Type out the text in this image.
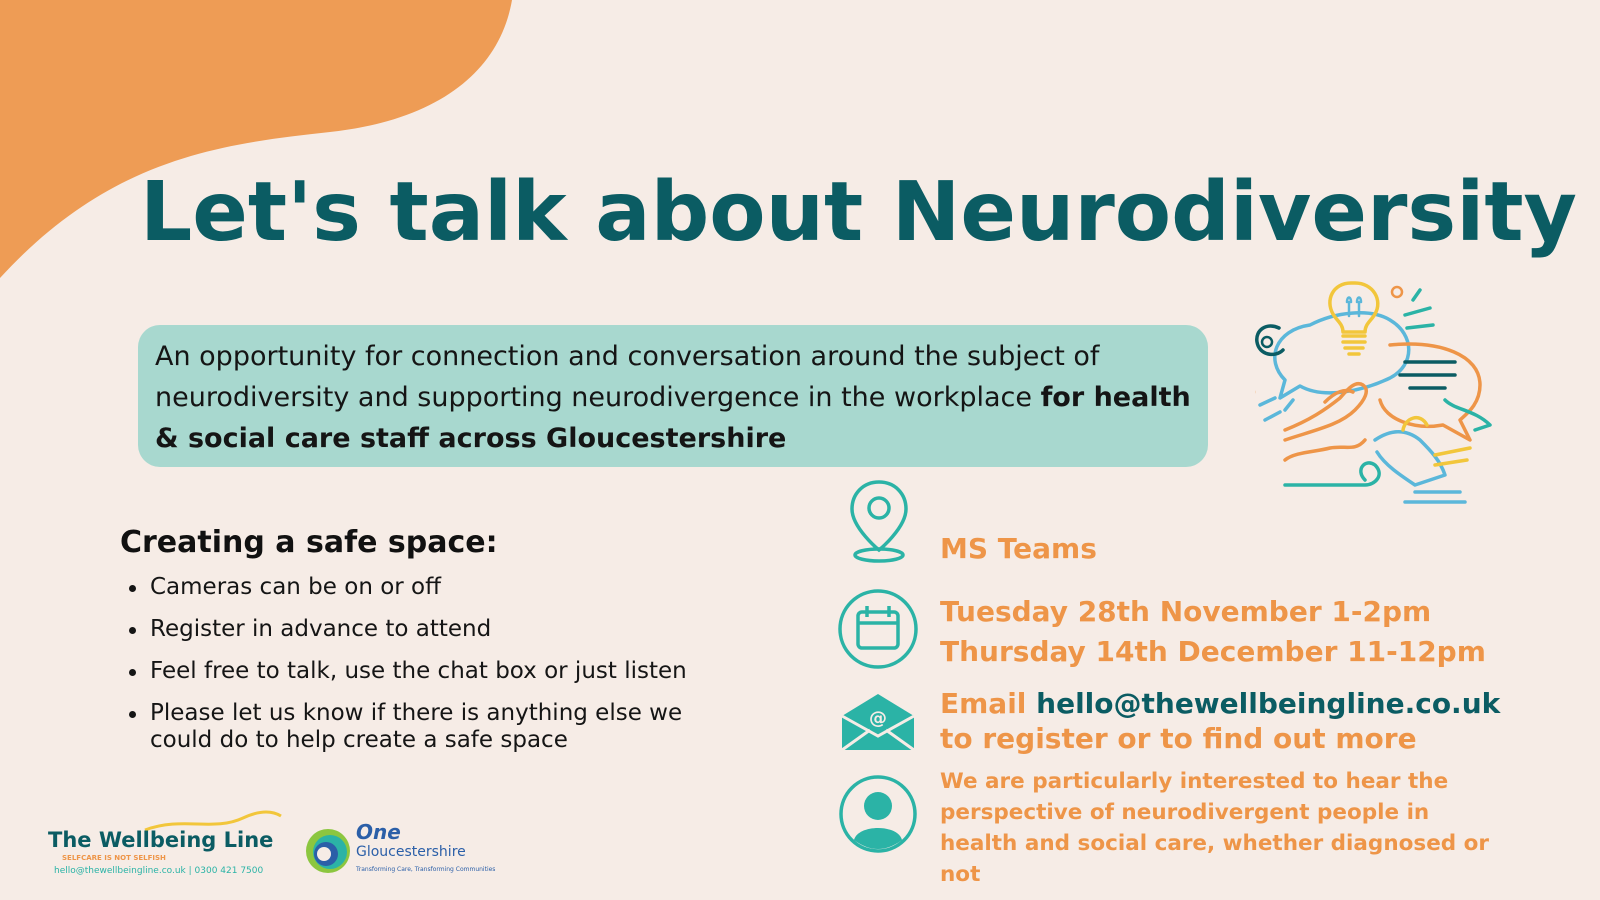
Let's talk about Neurodiversity
An opportunity for connection and conversation around the subject of neurodiversity and supporting neurodivergence in the workplace for health & social care staff across Gloucestershire
Creating a safe space:
Cameras can be on or off
Register in advance to attend
Feel free to talk, use the chat box or just listen
Please let us know if there is anything else we could do to help create a safe space
MS Teams
Tuesday 28th November 1-2pm
Thursday 14th December 11-12pm
@ Email hello@thewellbeingline.co.uk
to register or to find out more
We are particularly interested to hear the perspective of neurodivergent people in health and social care, whether diagnosed or not
The Wellbeing Line
SELFCARE IS NOT SELFISH
hello@thewellbeingline.co.uk | 0300 421 7500
One
Gloucestershire
Transforming Care, Transforming Communities
